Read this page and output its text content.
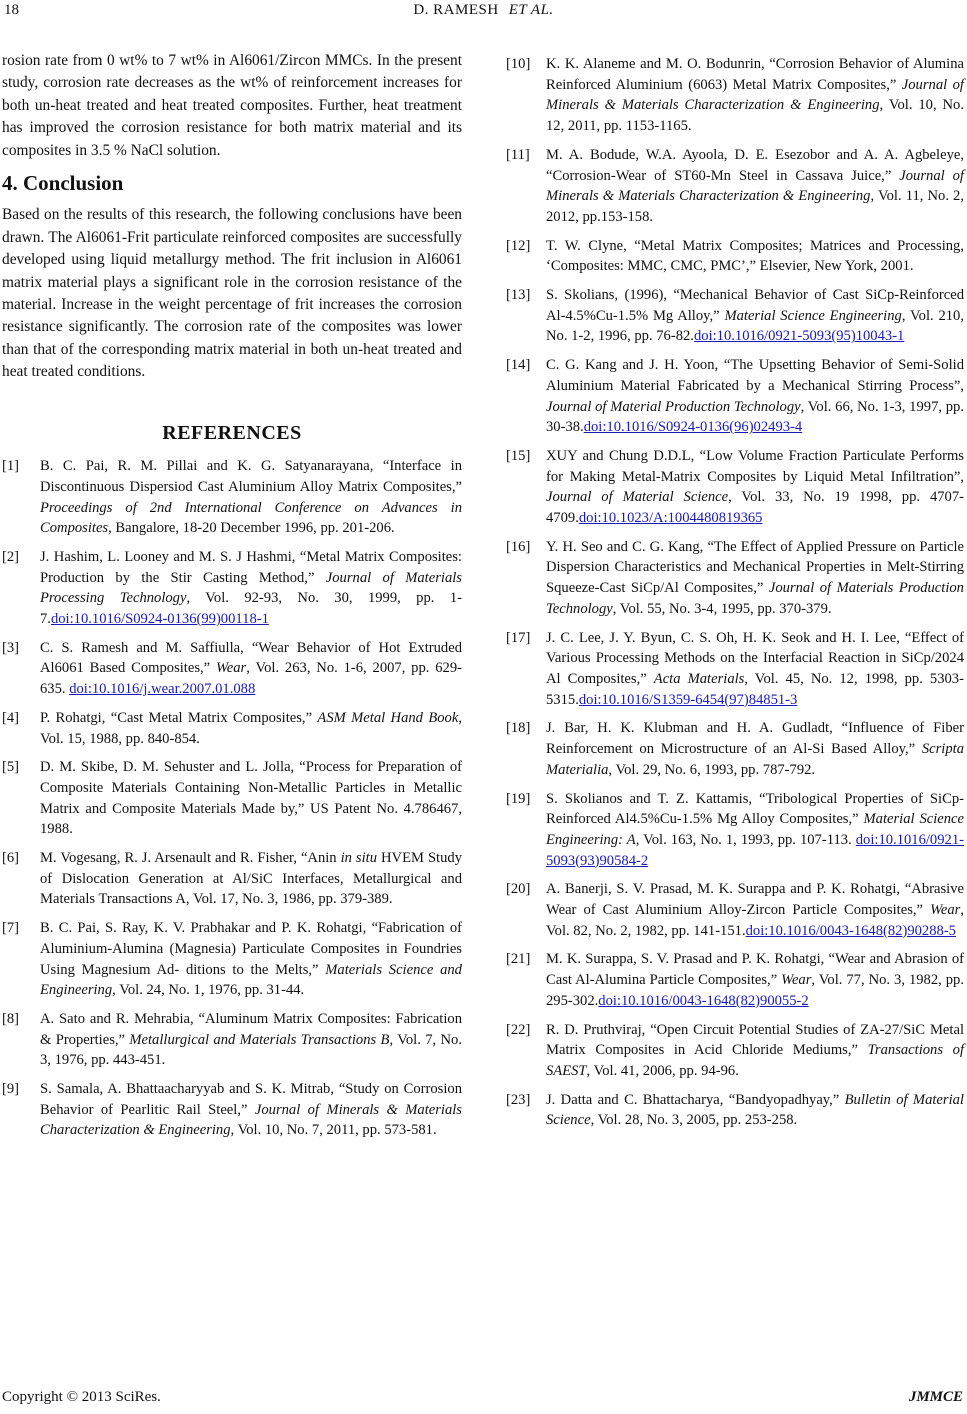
18	D. RAMESH ET AL.

rosion rate from 0 wt% to 7 wt% in Al6061/Zircon MMCs. In the present study, corrosion rate decreases as the wt% of reinforcement increases for both un-heat treated and heat treated composites. Further, heat treatment has improved the corrosion resistance for both matrix material and its composites in 3.5 % NaCl solution.

4. Conclusion

Based on the results of this research, the following conclusions have been drawn. The Al6061-Frit particulate reinforced composites are successfully developed using liquid metallurgy method. The frit inclusion in Al6061 matrix material plays a significant role in the corrosion resistance of the material. Increase in the weight percentage of frit increases the corrosion resistance significantly. The corrosion rate of the composites was lower than that of the corresponding matrix material in both un-heat treated and heat treated conditions.

REFERENCES
[1] B. C. Pai, R. M. Pillai and K. G. Satyanarayana, “Interface in Discontinuous Dispersiod Cast Aluminium Alloy Matrix Composites,” Proceedings of 2nd International Conference on Advances in Composites, Bangalore, 18-20 December 1996, pp. 201-206.
[2] J. Hashim, L. Looney and M. S. J Hashmi, “Metal Matrix Composites: Production by the Stir Casting Method,” Journal of Materials Processing Technology, Vol. 92-93, No. 30, 1999, pp. 1-7.doi:10.1016/S0924-0136(99)00118-1
[3] C. S. Ramesh and M. Saffiulla, “Wear Behavior of Hot Extruded Al6061 Based Composites,” Wear, Vol. 263, No. 1-6, 2007, pp. 629-635. doi:10.1016/j.wear.2007.01.088
[4] P. Rohatgi, “Cast Metal Matrix Composites,” ASM Metal Hand Book, Vol. 15, 1988, pp. 840-854.
[5] D. M. Skibe, D. M. Sehuster and L. Jolla, “Process for Preparation of Composite Materials Containing Non-Metallic Particles in Metallic Matrix and Composite Materials Made by,” US Patent No. 4.786467, 1988.
[6] M. Vogesang, R. J. Arsenault and R. Fisher, “Anin in situ HVEM Study of Dislocation Generation at Al/SiC Interfaces, Metallurgical and Materials Transactions A, Vol. 17, No. 3, 1986, pp. 379-389.
[7] B. C. Pai, S. Ray, K. V. Prabhakar and P. K. Rohatgi, “Fabrication of Aluminium-Alumina (Magnesia) Particulate Composites in Foundries Using Magnesium Ad- ditions to the Melts,” Materials Science and Engineering, Vol. 24, No. 1, 1976, pp. 31-44.
[8] A. Sato and R. Mehrabia, “Aluminum Matrix Composites: Fabrication & Properties,” Metallurgical and Materials Transactions B, Vol. 7, No. 3, 1976, pp. 443-451.
[9] S. Samala, A. Bhattaacharyyab and S. K. Mitrab, “Study on Corrosion Behavior of Pearlitic Rail Steel,” Journal of Minerals & Materials Characterization & Engineering, Vol. 10, No. 7, 2011, pp. 573-581.
[10] K. K. Alaneme and M. O. Bodunrin, “Corrosion Behavior of Alumina Reinforced Aluminium (6063) Metal Matrix Composites,” Journal of Minerals & Materials Characterization & Engineering, Vol. 10, No. 12, 2011, pp. 1153-1165.
[11] M. A. Bodude, W.A. Ayoola, D. E. Esezobor and A. A. Agbeleye, “Corrosion-Wear of ST60-Mn Steel in Cassava Juice,” Journal of Minerals & Materials Characterization & Engineering, Vol. 11, No. 2, 2012, pp.153-158.
[12] T. W. Clyne, “Metal Matrix Composites; Matrices and Processing, ‘Composites: MMC, CMC, PMC’,” Elsevier, New York, 2001.
[13] S. Skolians, (1996), “Mechanical Behavior of Cast SiCp-Reinforced Al-4.5%Cu-1.5% Mg Alloy,” Material Science Engineering, Vol. 210, No. 1-2, 1996, pp. 76-82.doi:10.1016/0921-5093(95)10043-1
[14] C. G. Kang and J. H. Yoon, “The Upsetting Behavior of Semi-Solid Aluminium Material Fabricated by a Mechanical Stirring Process”, Journal of Material Production Technology, Vol. 66, No. 1-3, 1997, pp. 30-38.doi:10.1016/S0924-0136(96)02493-4
[15] XUY and Chung D.D.L, “Low Volume Fraction Particulate Performs for Making Metal-Matrix Composites by Liquid Metal Infiltration”, Journal of Material Science, Vol. 33, No. 19 1998, pp. 4707-4709.doi:10.1023/A:1004480819365
[16] Y. H. Seo and C. G. Kang, “The Effect of Applied Pressure on Particle Dispersion Characteristics and Mechanical Properties in Melt-Stirring Squeeze-Cast SiCp/Al Composites,” Journal of Materials Production Technology, Vol. 55, No. 3-4, 1995, pp. 370-379.
[17] J. C. Lee, J. Y. Byun, C. S. Oh, H. K. Seok and H. I. Lee, “Effect of Various Processing Methods on the Interfacial Reaction in SiCp/2024 Al Composites,” Acta Materials, Vol. 45, No. 12, 1998, pp. 5303-5315.doi:10.1016/S1359-6454(97)84851-3
[18] J. Bar, H. K. Klubman and H. A. Gudladt, “Influence of Fiber Reinforcement on Microstructure of an Al-Si Based Alloy,” Scripta Materialia, Vol. 29, No. 6, 1993, pp. 787-792.
[19] S. Skolianos and T. Z. Kattamis, “Tribological Properties of SiCp-Reinforced Al4.5%Cu-1.5% Mg Alloy Composites,” Material Science Engineering: A, Vol. 163, No. 1, 1993, pp. 107-113. doi:10.1016/0921-5093(93)90584-2
[20] A. Banerji, S. V. Prasad, M. K. Surappa and P. K. Rohatgi, “Abrasive Wear of Cast Aluminium Alloy-Zircon Particle Composites,” Wear, Vol. 82, No. 2, 1982, pp. 141-151.doi:10.1016/0043-1648(82)90288-5
[21] M. K. Surappa, S. V. Prasad and P. K. Rohatgi, “Wear and Abrasion of Cast Al-Alumina Particle Composites,” Wear, Vol. 77, No. 3, 1982, pp. 295-302.doi:10.1016/0043-1648(82)90055-2
[22] R. D. Pruthviraj, “Open Circuit Potential Studies of ZA-27/SiC Metal Matrix Composites in Acid Chloride Mediums,” Transactions of SAEST, Vol. 41, 2006, pp. 94-96.
[23] J. Datta and C. Bhattacharya, “Bandyopadhyay,” Bulletin of Material Science, Vol. 28, No. 3, 2005, pp. 253-258.
Copyright © 2013 SciRes.	JMMCE
